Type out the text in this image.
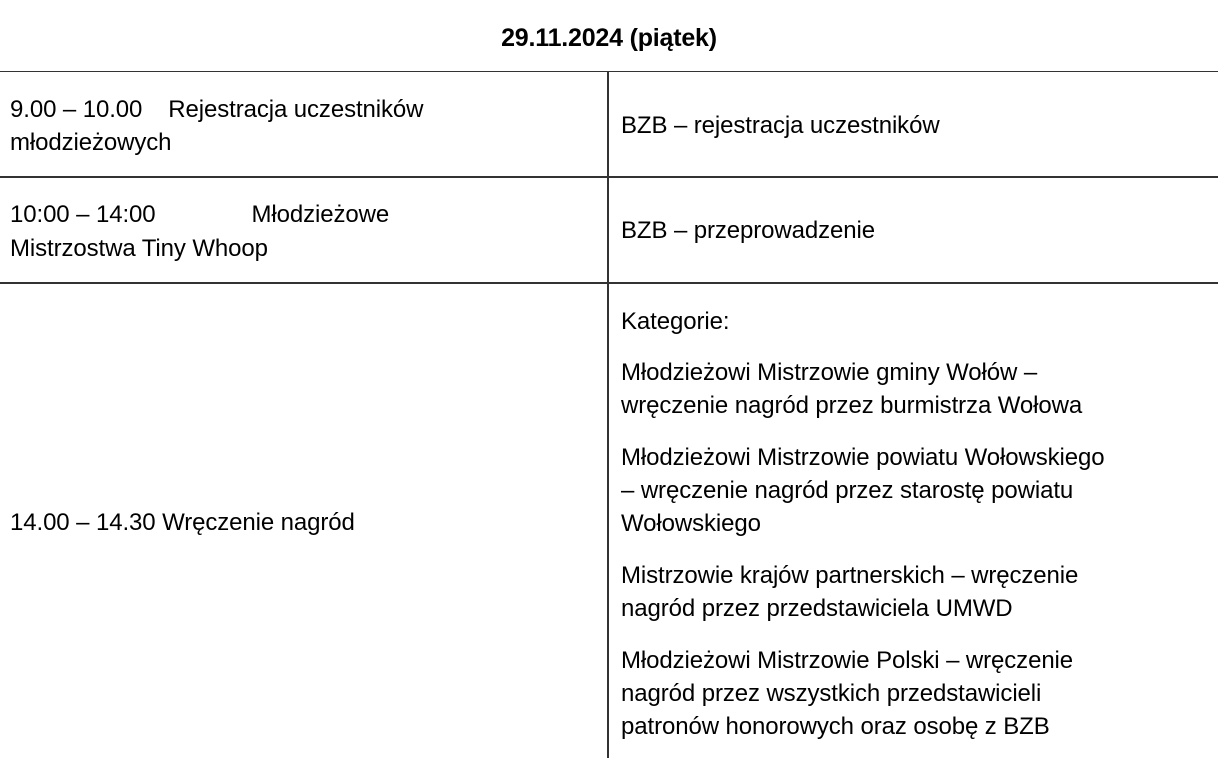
29.11.2024 (piątek)
9.00 – 10.00 Rejestracja uczestników
młodzieżowych
BZB – rejestracja uczestników
10:00 – 14:00	Młodzieżowe
Mistrzostwa Tiny Whoop
BZB – przeprowadzenie
14.00 – 14.30 Wręczenie nagród
Kategorie:
Młodzieżowi Mistrzowie gminy Wołów –
wręczenie nagród przez burmistrza Wołowa
Młodzieżowi Mistrzowie powiatu Wołowskiego
– wręczenie nagród przez starostę powiatu
Wołowskiego
Mistrzowie krajów partnerskich – wręczenie
nagród przez przedstawiciela UMWD
Młodzieżowi Mistrzowie Polski – wręczenie
nagród przez wszystkich przedstawicieli
patronów honorowych oraz osobę z BZB
